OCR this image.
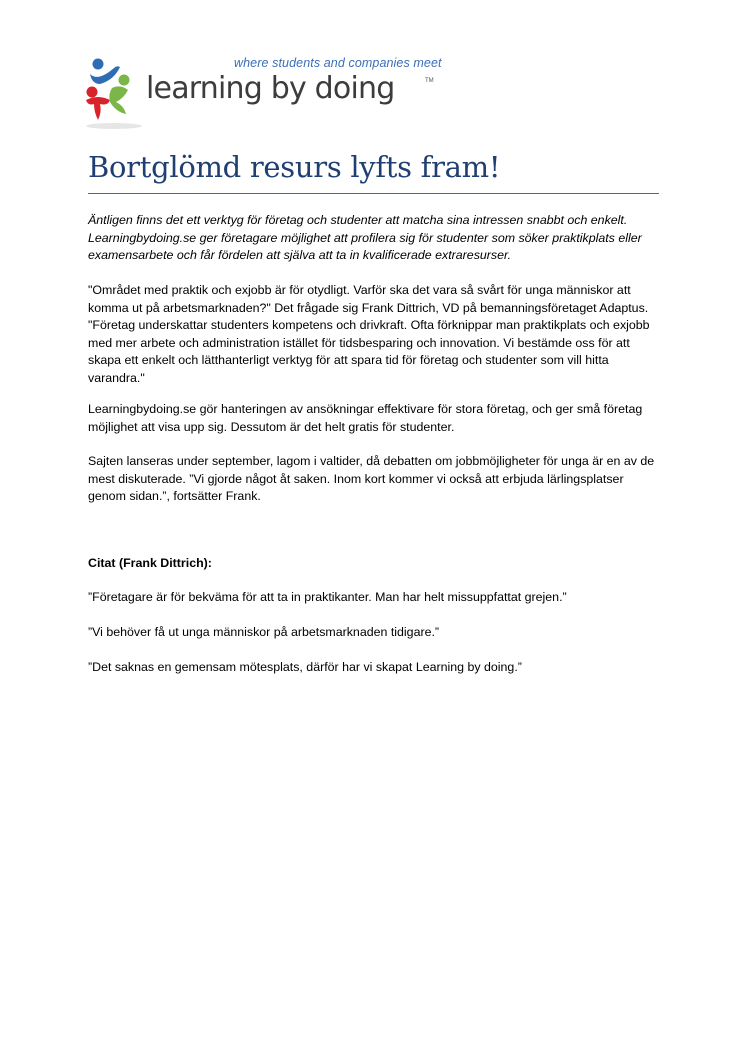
where students and companies meet
learning by doing	TM
Bortglömd resurs lyfts fram!

Äntligen finns det ett verktyg för företag och studenter att matcha sina intressen snabbt och enkelt. Learningbydoing.se ger företagare möjlighet att profilera sig för studenter som söker praktikplats eller examensarbete och får fördelen att själva att ta in kvalificerade extraresurser.

"Området med praktik och exjobb är för otydligt. Varför ska det vara så svårt för unga människor att komma ut på arbetsmarknaden?" Det frågade sig Frank Dittrich, VD på bemanningsföretaget Adaptus. "Företag underskattar studenters kompetens och drivkraft. Ofta förknippar man praktikplats och exjobb med mer arbete och administration istället för tidsbesparing och innovation. Vi bestämde oss för att skapa ett enkelt och lätthanterligt verktyg för att spara tid för företag och studenter som vill hitta varandra."

Learningbydoing.se gör hanteringen av ansökningar effektivare för stora företag, och ger små företag möjlighet att visa upp sig. Dessutom är det helt gratis för studenter.

Sajten lanseras under september, lagom i valtider, då debatten om jobbmöjligheter för unga är en av de mest diskuterade. ”Vi gjorde något åt saken. Inom kort kommer vi också att erbjuda lärlingsplatser genom sidan.”, fortsätter Frank.

Citat (Frank Dittrich):

”Företagare är för bekväma för att ta in praktikanter. Man har helt missuppfattat grejen.”

”Vi behöver få ut unga människor på arbetsmarknaden tidigare.”

”Det saknas en gemensam mötesplats, därför har vi skapat Learning by doing.”
